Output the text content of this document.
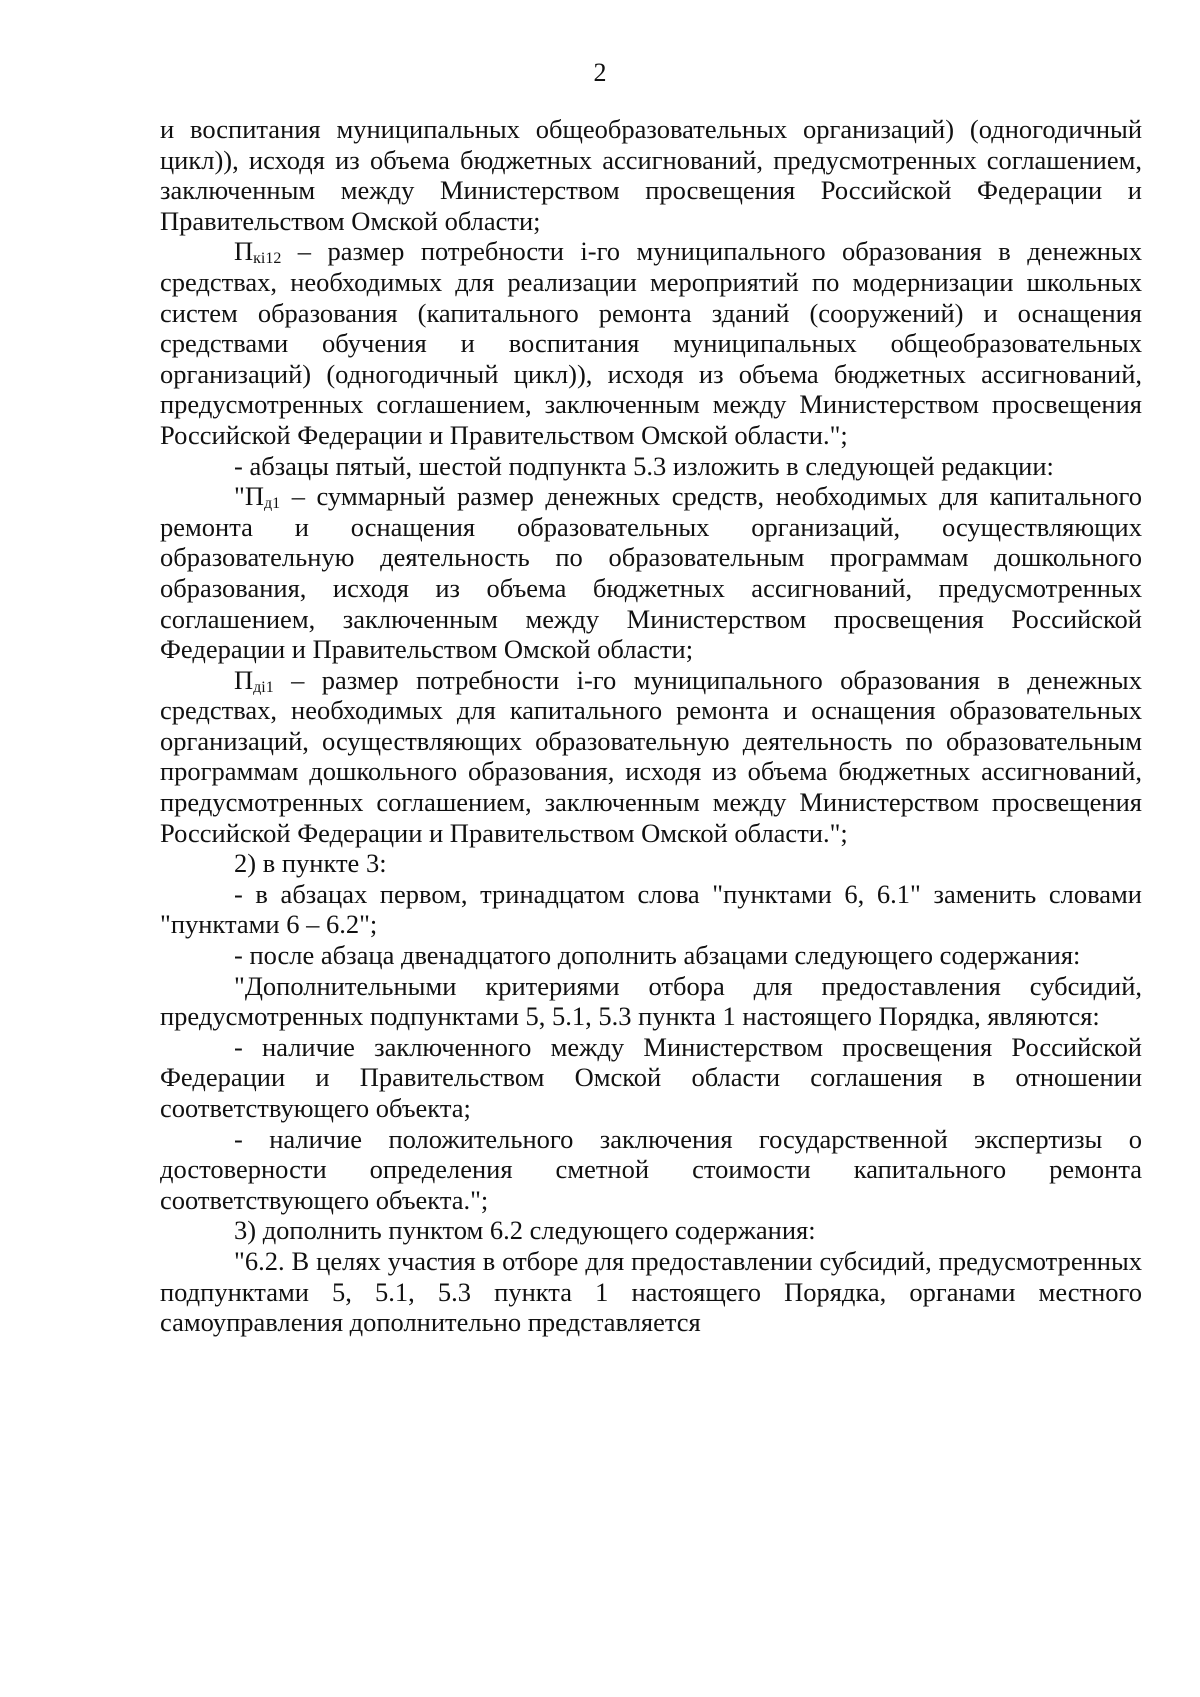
2

и воспитания муниципальных общеобразовательных организаций) (одногодичный цикл)), исходя из объема бюджетных ассигнований, предусмотренных соглашением, заключенным между Министерством просвещения Российской Федерации и Правительством Омской области;

$П_{кі12}$ – размер потребности і-го муниципального образования в денежных средствах, необходимых для реализации мероприятий по модернизации школьных систем образования (капитального ремонта зданий (сооружений) и оснащения средствами обучения и воспитания муниципальных общеобразовательных организаций) (одногодичный цикл)), исходя из объема бюджетных ассигнований, предусмотренных соглашением, заключенным между Министерством просвещения Российской Федерации и Правительством Омской области.";

- абзацы пятый, шестой подпункта 5.3 изложить в следующей редакции:

"$П_{д1}$ – суммарный размер денежных средств, необходимых для капитального ремонта и оснащения образовательных организаций, осуществляющих образовательную деятельность по образовательным программам дошкольного образования, исходя из объема бюджетных ассигнований, предусмотренных соглашением, заключенным между Министерством просвещения Российской Федерации и Правительством Омской области;

$П_{ді1}$ – размер потребности і-го муниципального образования в денежных средствах, необходимых для капитального ремонта и оснащения образовательных организаций, осуществляющих образовательную деятельность по образовательным программам дошкольного образования, исходя из объема бюджетных ассигнований, предусмотренных соглашением, заключенным между Министерством просвещения Российской Федерации и Правительством Омской области.";

2) в пункте 3:

- в абзацах первом, тринадцатом слова "пунктами 6, 6.1" заменить словами "пунктами 6 – 6.2";

- после абзаца двенадцатого дополнить абзацами следующего содержания:

"Дополнительными критериями отбора для предоставления субсидий, предусмотренных подпунктами 5, 5.1, 5.3 пункта 1 настоящего Порядка, являются:

- наличие заключенного между Министерством просвещения Российской Федерации и Правительством Омской области соглашения в отношении соответствующего объекта;

- наличие положительного заключения государственной экспертизы о достоверности определения сметной стоимости капитального ремонта соответствующего объекта.";

3) дополнить пунктом 6.2 следующего содержания:

"6.2. В целях участия в отборе для предоставлении субсидий, предусмотренных подпунктами 5, 5.1, 5.3 пункта 1 настоящего Порядка, органами местного самоуправления дополнительно представляется
